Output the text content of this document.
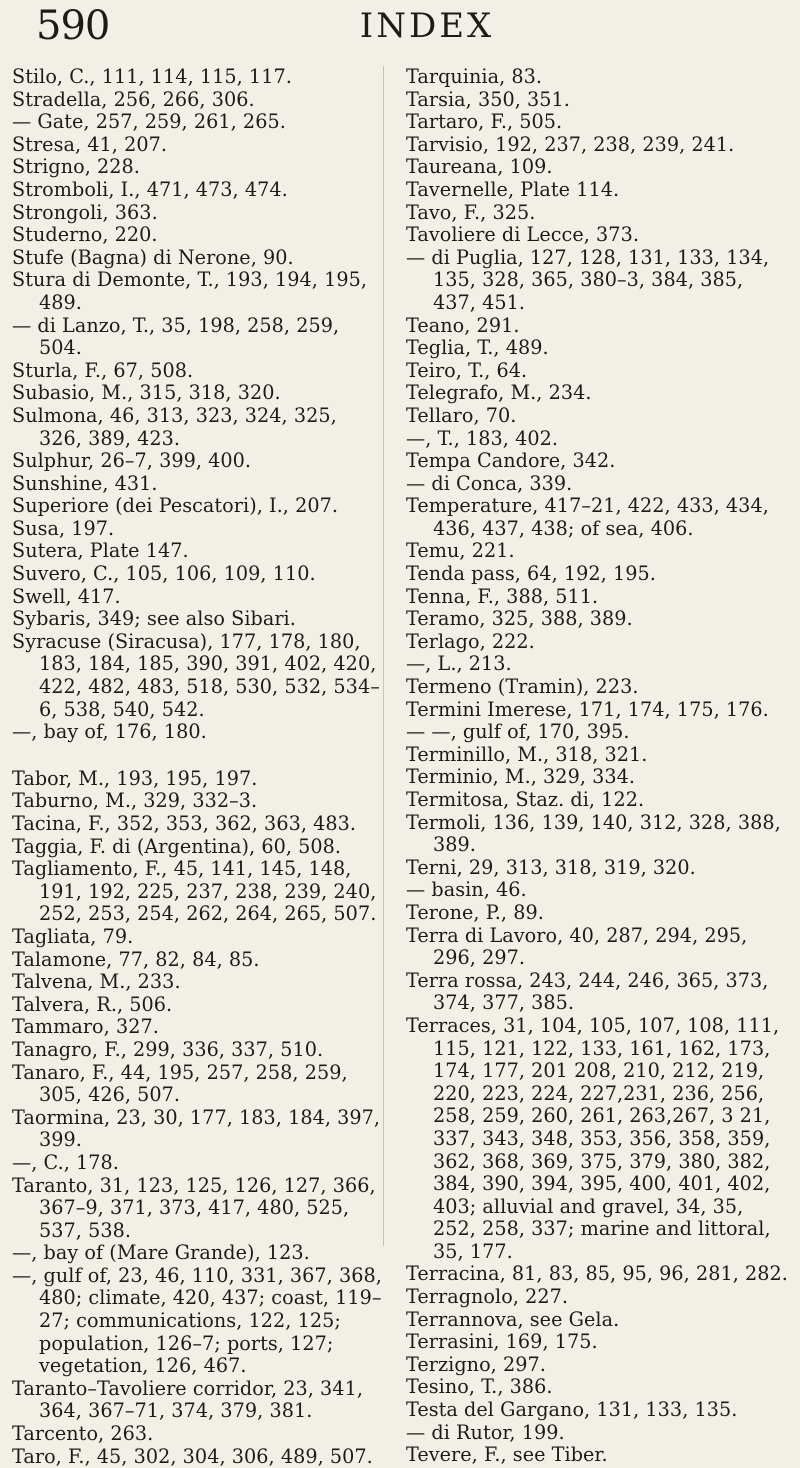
590	INDEX

Stilo, C., 111, 114, 115, 117.

Stradella, 256, 266, 306.

— Gate, 257, 259, 261, 265.

Stresa, 41, 207.

Strigno, 228.

Stromboli, I., 471, 473, 474.

Strongoli, 363.

Studerno, 220.

Stufe (Bagna) di Nerone, 90.

Stura di Demonte, T., 193, 194, 195, 489.

— di Lanzo, T., 35, 198, 258, 259, 504.

Sturla, F., 67, 508.

Subasio, M., 315, 318, 320.

Sulmona, 46, 313, 323, 324, 325, 326, 389, 423.

Sulphur, 26–7, 399, 400.

Sunshine, 431.

Superiore (dei Pescatori), I., 207.

Susa, 197.

Sutera, Plate 147.

Suvero, C., 105, 106, 109, 110.

Swell, 417.

Sybaris, 349; see also Sibari.

Syracuse (Siracusa), 177, 178, 180, 183, 184, 185, 390, 391, 402, 420, 422, 482, 483, 518, 530, 532, 534–6, 538, 540, 542.

—, bay of, 176, 180.

Tabor, M., 193, 195, 197.

Taburno, M., 329, 332–3.

Tacina, F., 352, 353, 362, 363, 483.

Taggia, F. di (Argentina), 60, 508.

Tagliamento, F., 45, 141, 145, 148, 191, 192, 225, 237, 238, 239, 240, 252, 253, 254, 262, 264, 265, 507.

Tagliata, 79.

Talamone, 77, 82, 84, 85.

Talvena, M., 233.

Talvera, R., 506.

Tammaro, 327.

Tanagro, F., 299, 336, 337, 510.

Tanaro, F., 44, 195, 257, 258, 259, 305, 426, 507.

Taormina, 23, 30, 177, 183, 184, 397, 399.

—, C., 178.

Taranto, 31, 123, 125, 126, 127, 366, 367–9, 371, 373, 417, 480, 525, 537, 538.

—, bay of (Mare Grande), 123.

—, gulf of, 23, 46, 110, 331, 367, 368, 480; climate, 420, 437; coast, 119–27; communications, 122, 125; population, 126–7; ports, 127; vegetation, 126, 467.

Taranto–Tavoliere corridor, 23, 341, 364, 367–71, 374, 379, 381.

Tarcento, 263.

Taro, F., 45, 302, 304, 306, 489, 507.

Tarquinia, 83.

Tarsia, 350, 351.

Tartaro, F., 505.

Tarvisio, 192, 237, 238, 239, 241.

Taureana, 109.

Tavernelle, Plate 114.

Tavo, F., 325.

Tavoliere di Lecce, 373.

— di Puglia, 127, 128, 131, 133, 134, 135, 328, 365, 380–3, 384, 385, 437, 451.

Teano, 291.

Teglia, T., 489.

Teiro, T., 64.

Telegrafo, M., 234.

Tellaro, 70.

—, T., 183, 402.

Tempa Candore, 342.

— di Conca, 339.

Temperature, 417–21, 422, 433, 434, 436, 437, 438; of sea, 406.

Temu, 221.

Tenda pass, 64, 192, 195.

Tenna, F., 388, 511.

Teramo, 325, 388, 389.

Terlago, 222.

—, L., 213.

Termeno (Tramin), 223.

Termini Imerese, 171, 174, 175, 176.

— —, gulf of, 170, 395.

Terminillo, M., 318, 321.

Terminio, M., 329, 334.

Termitosa, Staz. di, 122.

Termoli, 136, 139, 140, 312, 328, 388, 389.

Terni, 29, 313, 318, 319, 320.

— basin, 46.

Terone, P., 89.

Terra di Lavoro, 40, 287, 294, 295, 296, 297.

Terra rossa, 243, 244, 246, 365, 373, 374, 377, 385.

Terraces, 31, 104, 105, 107, 108, 111, 115, 121, 122, 133, 161, 162, 173, 174, 177, 201 208, 210, 212, 219, 220, 223, 224, 227,231, 236, 256, 258, 259, 260, 261, 263,267, 3 21, 337, 343, 348, 353, 356, 358, 359, 362, 368, 369, 375, 379, 380, 382, 384, 390, 394, 395, 400, 401, 402, 403; alluvial and gravel, 34, 35, 252, 258, 337; marine and littoral, 35, 177.

Terracina, 81, 83, 85, 95, 96, 281, 282.

Terragnolo, 227.

Terrannova, see Gela.

Terrasini, 169, 175.

Terzigno, 297.

Tesino, T., 386.

Testa del Gargano, 131, 133, 135.

— di Rutor, 199.

Tevere, F., see Tiber.
